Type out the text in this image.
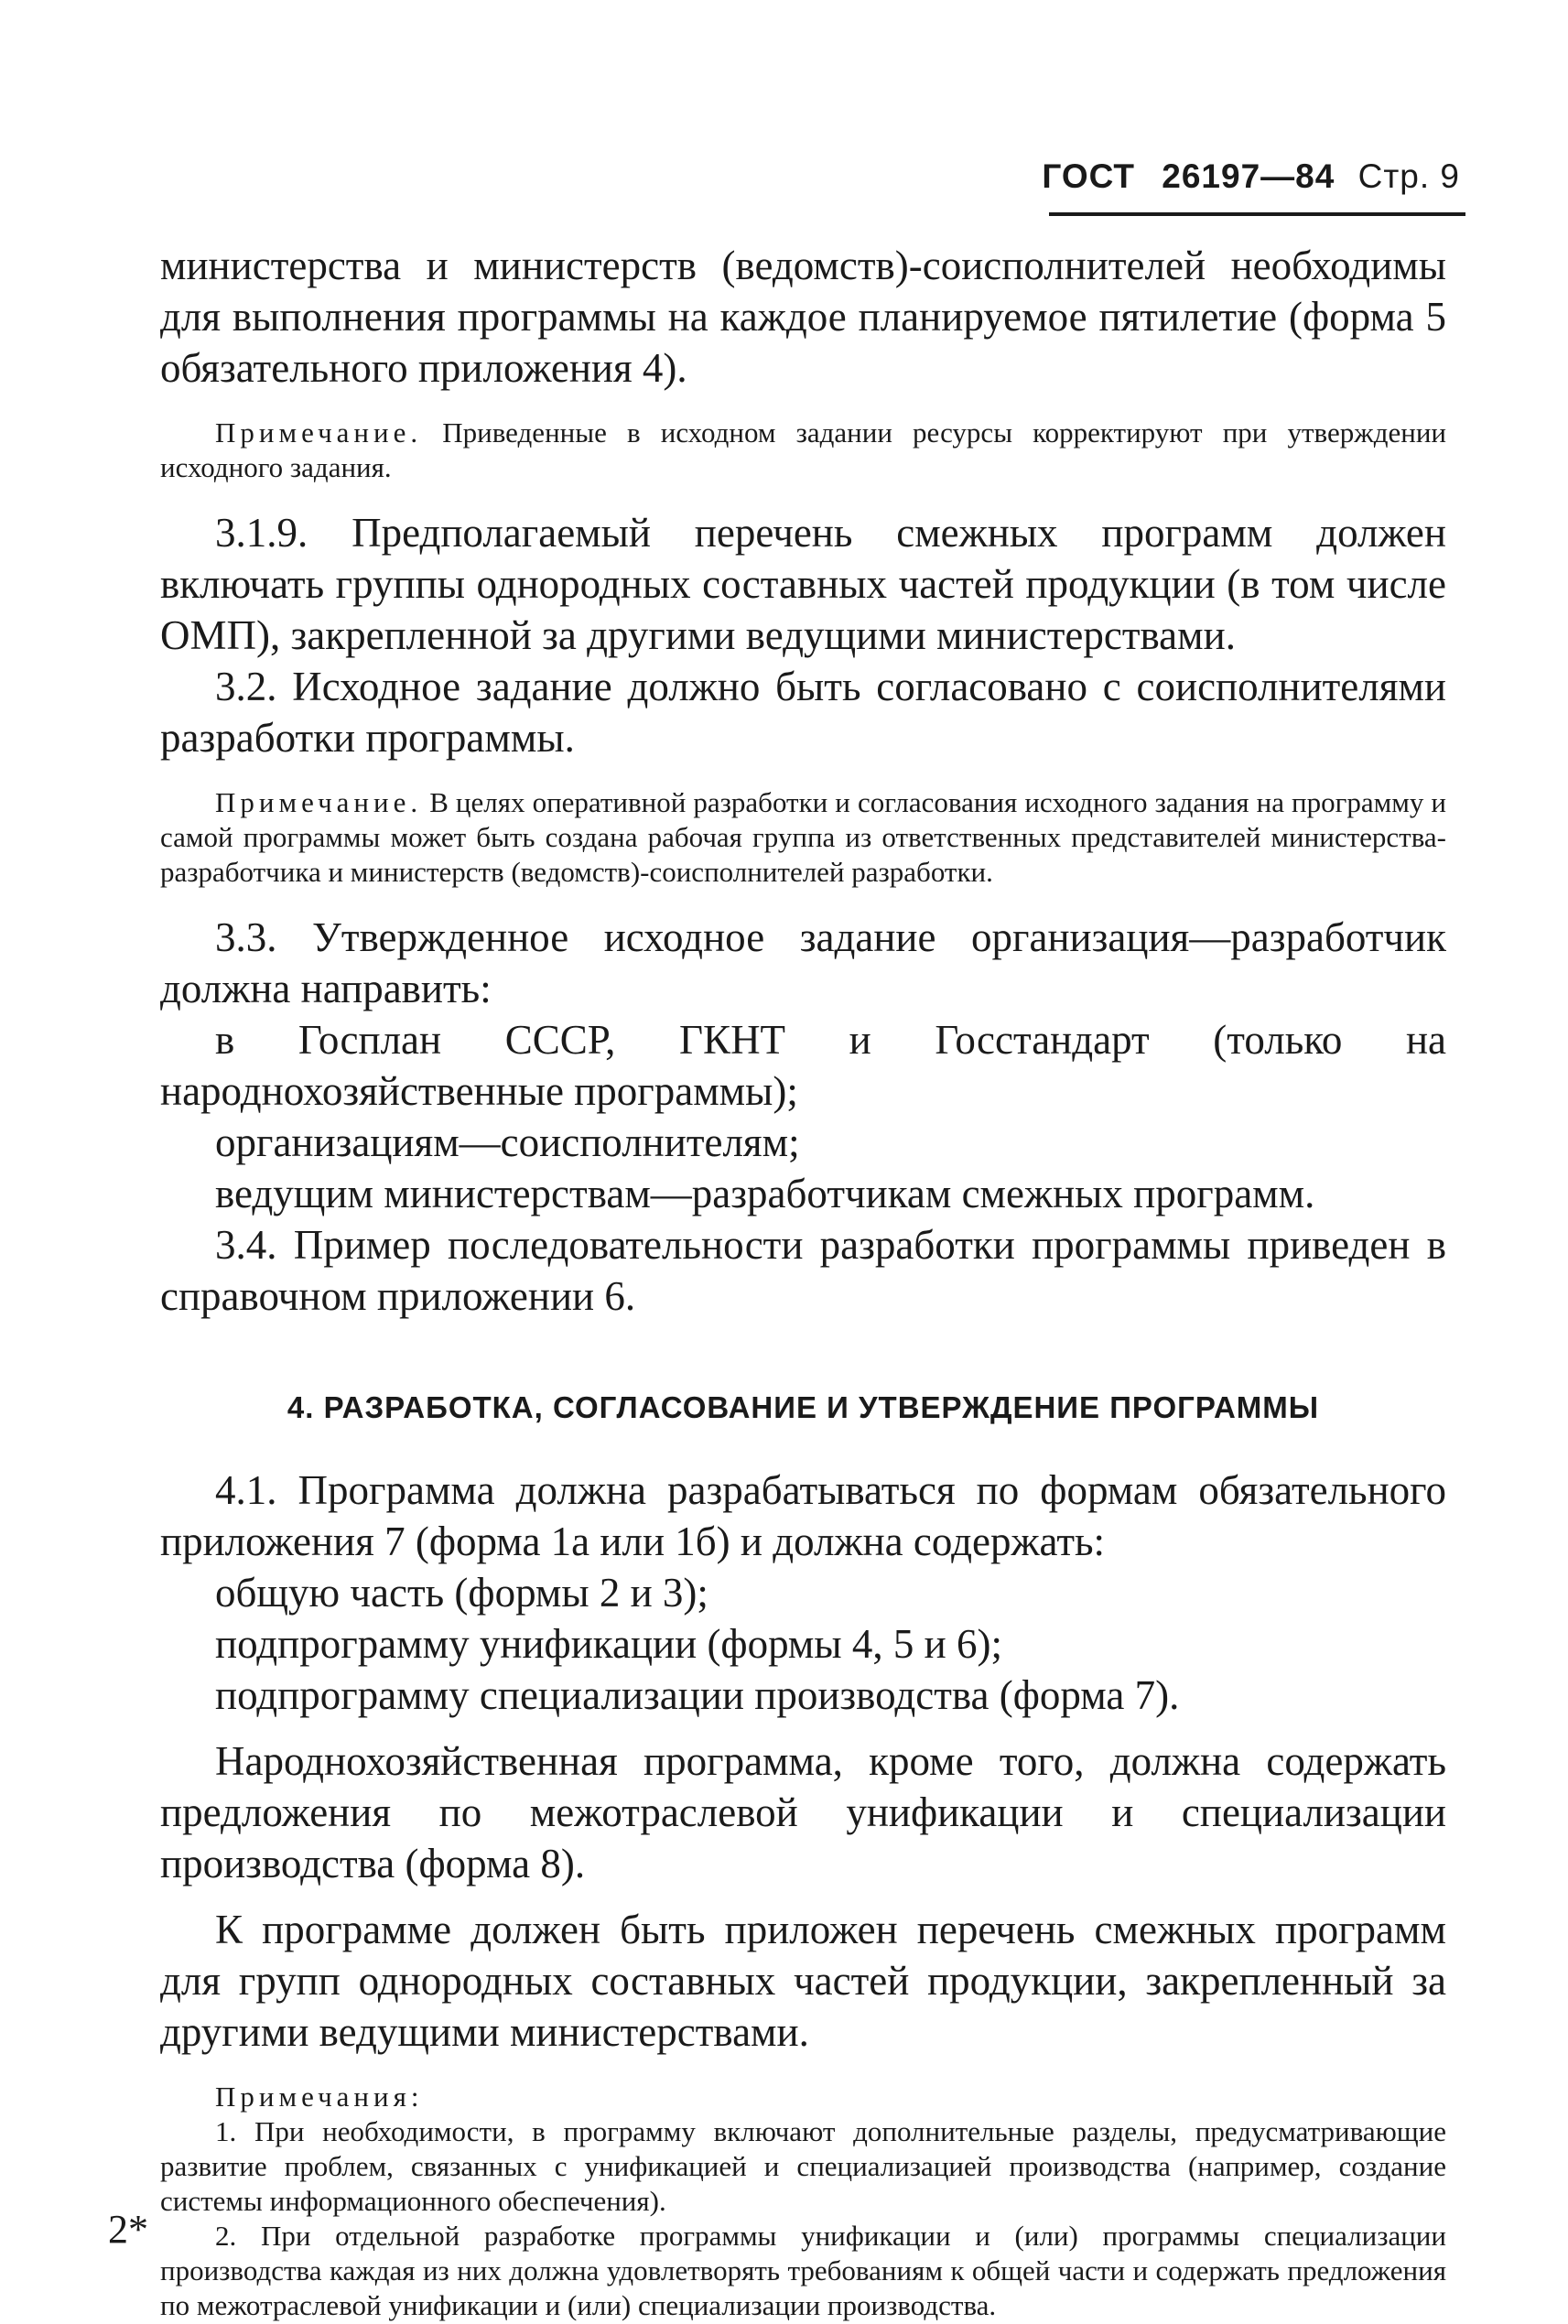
ГОСТ 26197—84 Стр. 9

министерства и министерств (ведомств)-соисполнителей необходимы для выполнения программы на каждое планируемое пятилетие (форма 5 обязательного приложения 4).

Примечание. Приведенные в исходном задании ресурсы корректируют при утверждении исходного задания.

3.1.9. Предполагаемый перечень смежных программ должен включать группы однородных составных частей продукции (в том числе ОМП), закрепленной за другими ведущими министерствами.

3.2. Исходное задание должно быть согласовано с соисполнителями разработки программы.

Примечание. В целях оперативной разработки и согласования исходного задания на программу и самой программы может быть создана рабочая группа из ответственных представителей министерства-разработчика и министерств (ведомств)-соисполнителей разработки.

3.3. Утвержденное исходное задание организация—разработчик должна направить:

в Госплан СССР, ГКНТ и Госстандарт (только на народнохозяйственные программы);

организациям—соисполнителям;

ведущим министерствам—разработчикам смежных программ.

3.4. Пример последовательности разработки программы приведен в справочном приложении 6.

4. РАЗРАБОТКА, СОГЛАСОВАНИЕ И УТВЕРЖДЕНИЕ ПРОГРАММЫ

4.1. Программа должна разрабатываться по формам обязательного приложения 7 (форма 1а или 1б) и должна содержать:

общую часть (формы 2 и 3);

подпрограмму унификации (формы 4, 5 и 6);

подпрограмму специализации производства (форма 7).

Народнохозяйственная программа, кроме того, должна содержать предложения по межотраслевой унификации и специализации производства (форма 8).

К программе должен быть приложен перечень смежных программ для групп однородных составных частей продукции, закрепленный за другими ведущими министерствами.

Примечания:

1. При необходимости, в программу включают дополнительные разделы, предусматривающие развитие проблем, связанных с унификацией и специализацией производства (например, создание системы информационного обеспечения).

2. При отдельной разработке программы унификации и (или) программы специализации производства каждая из них должна удовлетворять требованиям к общей части и содержать предложения по межотраслевой унификации и (или) специализации производства.

2*
